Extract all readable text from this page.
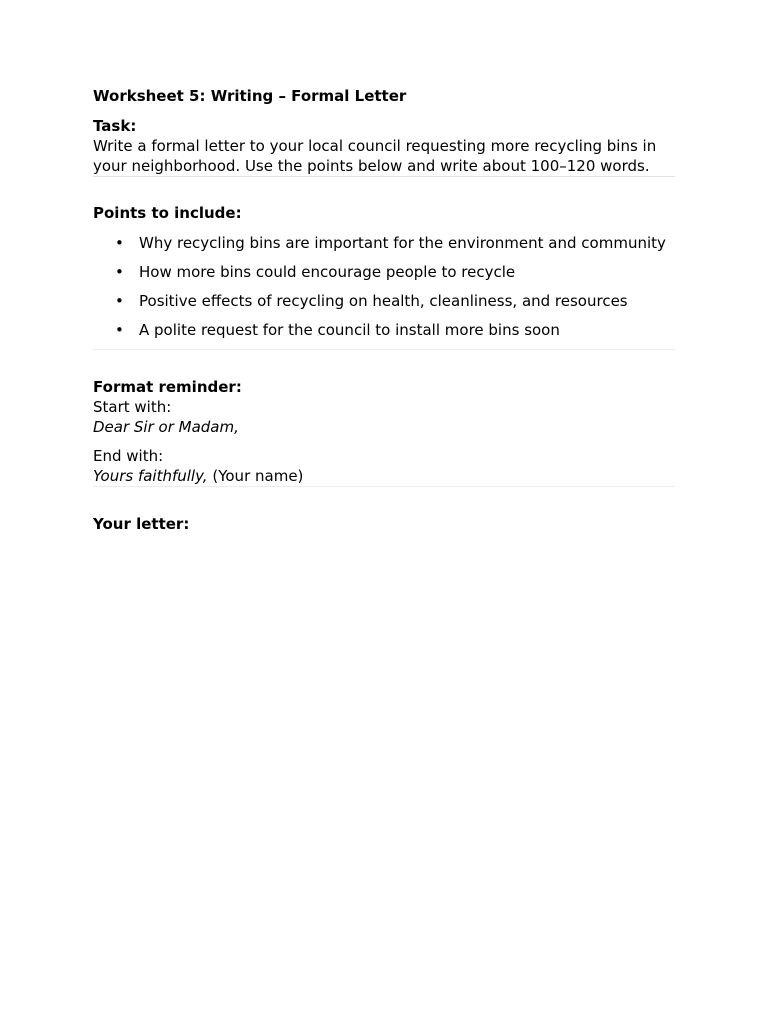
Worksheet 5: Writing – Formal Letter

Task:

Write a formal letter to your local council requesting more recycling bins in your neighborhood. Use the points below and write about 100–120 words.

Points to include:

• Why recycling bins are important for the environment and community
• How more bins could encourage people to recycle
• Positive effects of recycling on health, cleanliness, and resources
• A polite request for the council to install more bins soon

Format reminder:

Start with:

Dear Sir or Madam,

End with:

Yours faithfully, (Your name)

Your letter:
